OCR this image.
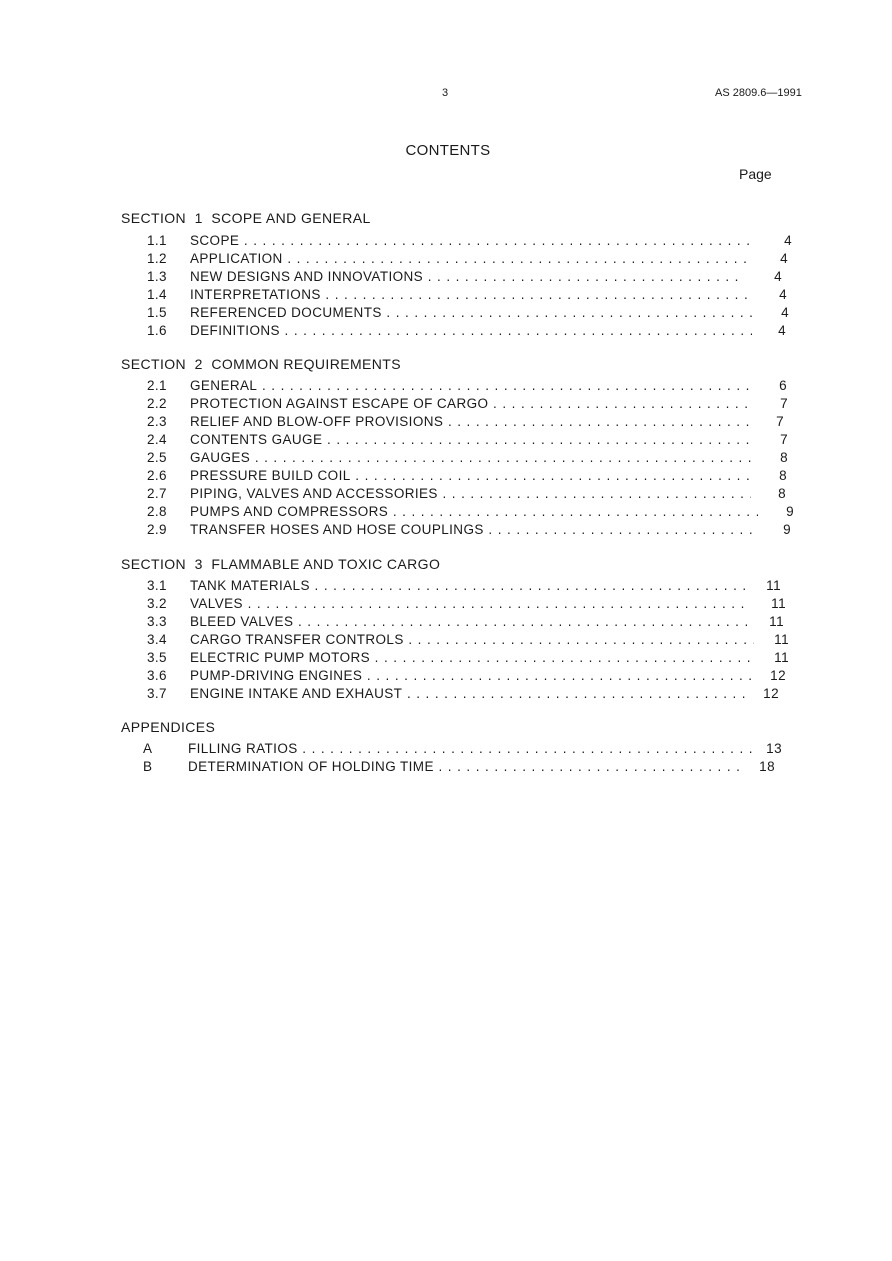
3	AS 2809.6—1991
CONTENTS
Page
SECTION  1  SCOPE AND GENERAL
1.1 SCOPE . . .	4
1.2 APPLICATION . . .	4
1.3 NEW DESIGNS AND INNOVATIONS . . .	4
1.4 INTERPRETATIONS . . .	4
1.5 REFERENCED DOCUMENTS . . .	4
1.6 DEFINITIONS . . .	4
SECTION  2  COMMON REQUIREMENTS
2.1 GENERAL . . .	6
2.2 PROTECTION AGAINST ESCAPE OF CARGO . . .	7
2.3 RELIEF AND BLOW-OFF PROVISIONS . . .	7
2.4 CONTENTS GAUGE . . .	7
2.5 GAUGES . . .	8
2.6 PRESSURE BUILD COIL . . .	8
2.7 PIPING, VALVES AND ACCESSORIES . . .	8
2.8 PUMPS AND COMPRESSORS . . .	9
2.9 TRANSFER HOSES AND HOSE COUPLINGS . . .	9
SECTION  3  FLAMMABLE AND TOXIC CARGO
3.1 TANK MATERIALS . . .	11
3.2 VALVES . . .	11
3.3 BLEED VALVES . . .	11
3.4 CARGO TRANSFER CONTROLS . . .	11
3.5 ELECTRIC PUMP MOTORS . . .	11
3.6 PUMP-DRIVING ENGINES . . .	12
3.7 ENGINE INTAKE AND EXHAUST . . .	12
APPENDICES
A	FILLING RATIOS . . .	13
B	DETERMINATION OF HOLDING TIME . . .	18
